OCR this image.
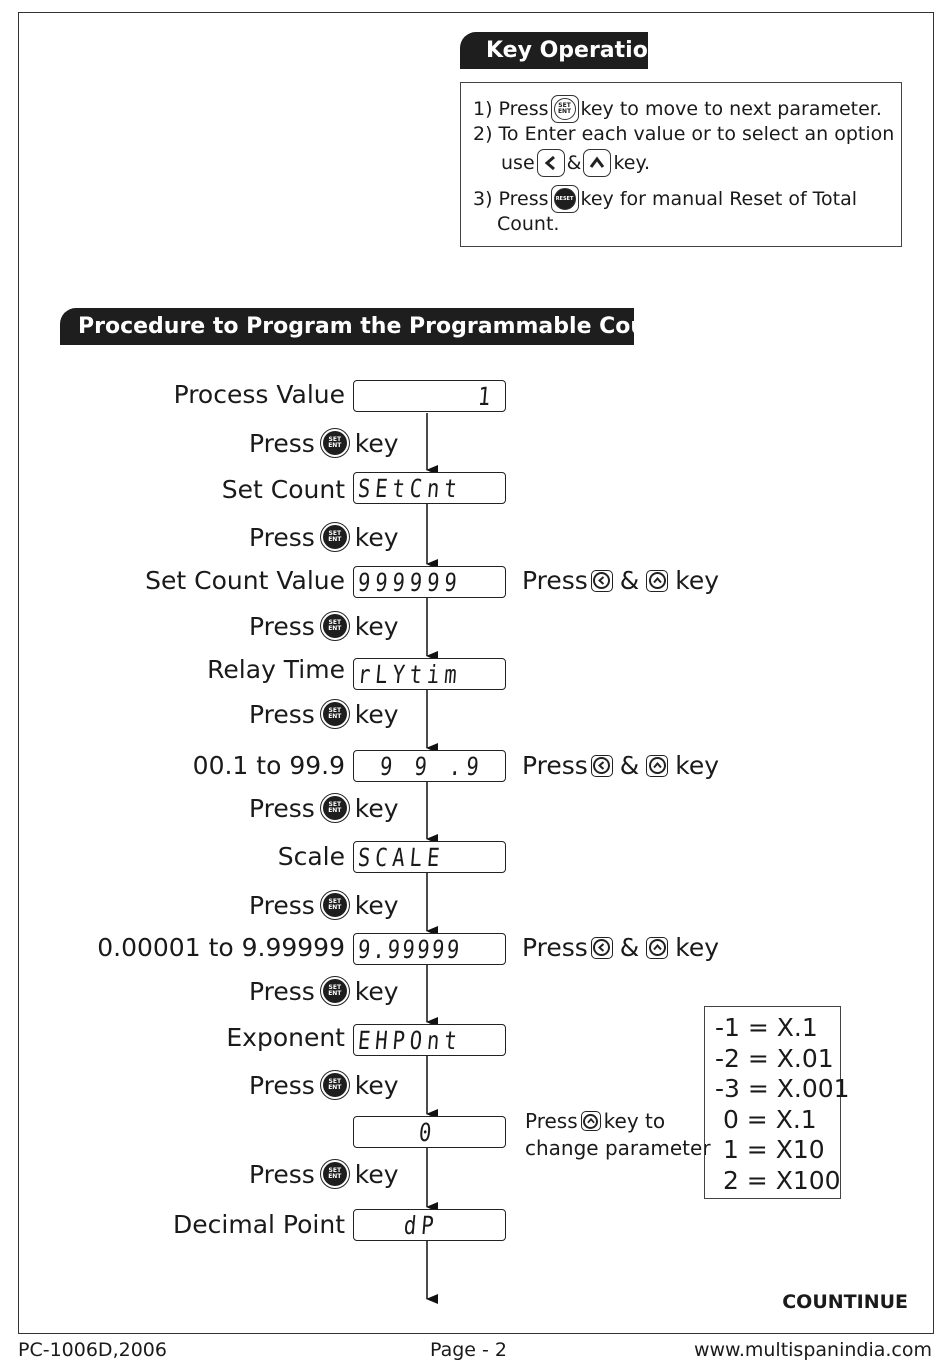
Key Operation
1) Press SET
ENT key to move to next parameter.
2) To Enter each value or to select an option
use & key.
3) Press RESET key for manual Reset of Total
Count.
Procedure to Program the Programmable Counter
Process Value
Set Count
Set Count Value
Relay Time
00.1 to 99.9
Scale
0.00001 to 9.99999
Exponent
Decimal Point
1
SEtCnt
999999
rLYtim
9 9 .9
SCALE
9.99999
EHPOnt
0
dP
Press SET
ENT key
Press SET
ENT key
Press SET
ENT key
Press SET
ENT key
Press SET
ENT key
Press SET
ENT key
Press SET
ENT key
Press SET
ENT key
Press SET
ENT key
Press & key
Press & key
Press & key
Press key to
change parameter
-1 = X.1
-2 = X.01
-3 = X.001
0 = X.1
1 = X10
2 = X100
COUNTINUE
PC-1006D,2006	Page - 2	www.multispanindia.com
